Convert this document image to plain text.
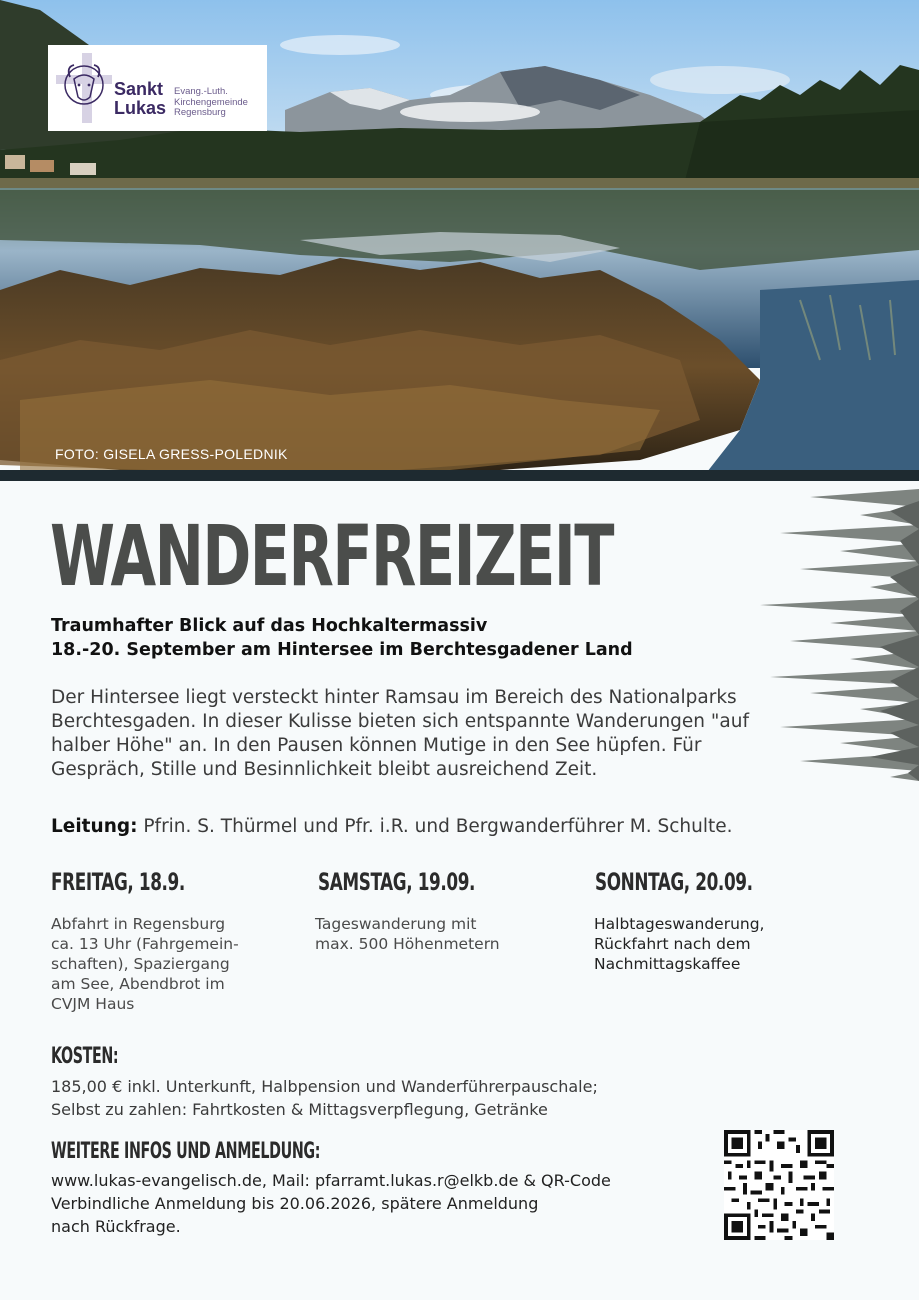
FOTO: GISELA GRESS-POLEDNIK
Sankt
Lukas
Evang.-Luth.
Kirchengemeinde
Regensburg
WANDERFREIZEIT
Traumhafter Blick auf das Hochkaltermassiv
18.-20. September am Hintersee im Berchtesgadener Land
Der Hintersee liegt versteckt hinter Ramsau im Bereich des Nationalparks
Berchtesgaden. In dieser Kulisse bieten sich entspannte Wanderungen "auf
halber Höhe" an. In den Pausen können Mutige in den See hüpfen. Für
Gespräch, Stille und Besinnlichkeit bleibt ausreichend Zeit.
Leitung: Pfrin. S. Thürmel und Pfr. i.R. und Bergwanderführer M. Schulte.
FREITAG, 18.9.
Abfahrt in Regensburg
ca. 13 Uhr (Fahrgemein-
schaften), Spaziergang
am See, Abendbrot im
CVJM Haus
SAMSTAG, 19.09.
Tageswanderung mit
max. 500 Höhenmetern
SONNTAG, 20.09.
Halbtageswanderung,
Rückfahrt nach dem
Nachmittagskaffee
KOSTEN:
185,00 € inkl. Unterkunft, Halbpension und Wanderführerpauschale;
Selbst zu zahlen: Fahrtkosten & Mittagsverpflegung, Getränke
WEITERE INFOS UND ANMELDUNG:
www.lukas-evangelisch.de, Mail: pfarramt.lukas.r@elkb.de & QR-Code
Verbindliche Anmeldung bis 20.06.2026, spätere Anmeldung
nach Rückfrage.
